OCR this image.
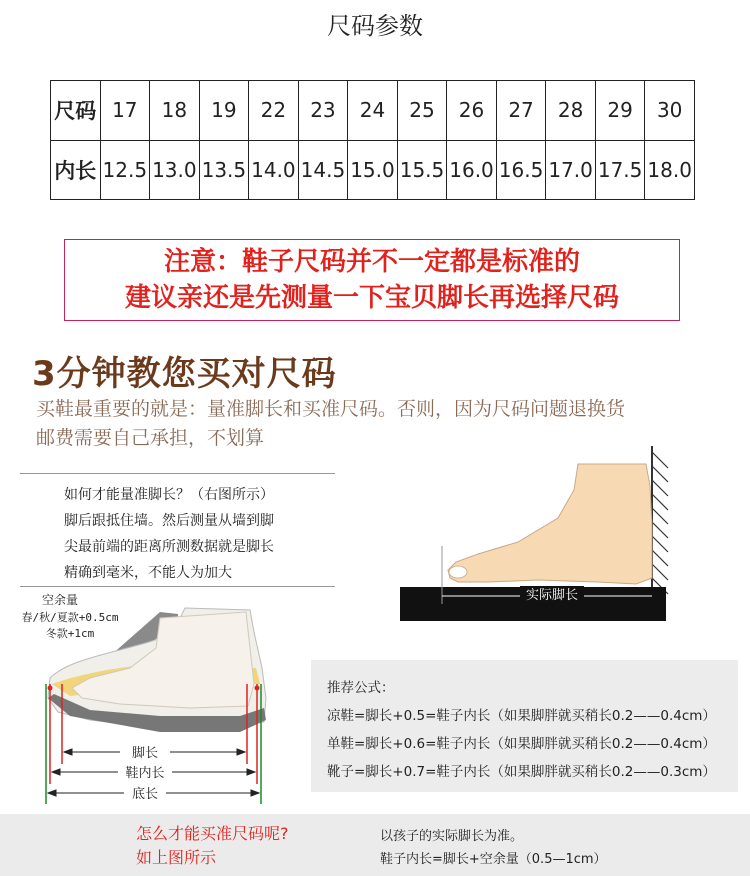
尺码参数
尺码	17	18	19	22	23	24	25	26	27	28	29	30
内长	12.5	13.0	13.5	14.0	14.5	15.0	15.5	16.0	16.5	17.0	17.5	18.0
注意：鞋子尺码并不一定都是标准的
建议亲还是先测量一下宝贝脚长再选择尺码
3分钟教您买对尺码
买鞋最重要的就是：量准脚长和买准尺码。否则，因为尺码问题退换货
邮费需要自己承担，不划算
如何才能量准脚长？（右图所示）
脚后跟抵住墙。然后测量从墙到脚
尖最前端的距离所测数据就是脚长
精确到毫米，不能人为加大
实际脚长
空余量
春/秋/夏款+0.5cm
冬款+1cm
脚长
鞋内长
底长
推荐公式：
凉鞋=脚长+0.5=鞋子内长（如果脚胖就买稍长0.2——0.4cm）
单鞋=脚长+0.6=鞋子内长（如果脚胖就买稍长0.2——0.4cm）
靴子=脚长+0.7=鞋子内长（如果脚胖就买稍长0.2——0.3cm）
怎么才能买准尺码呢?
如上图所示
以孩子的实际脚长为准。
鞋子内长=脚长+空余量（0.5—1cm）
